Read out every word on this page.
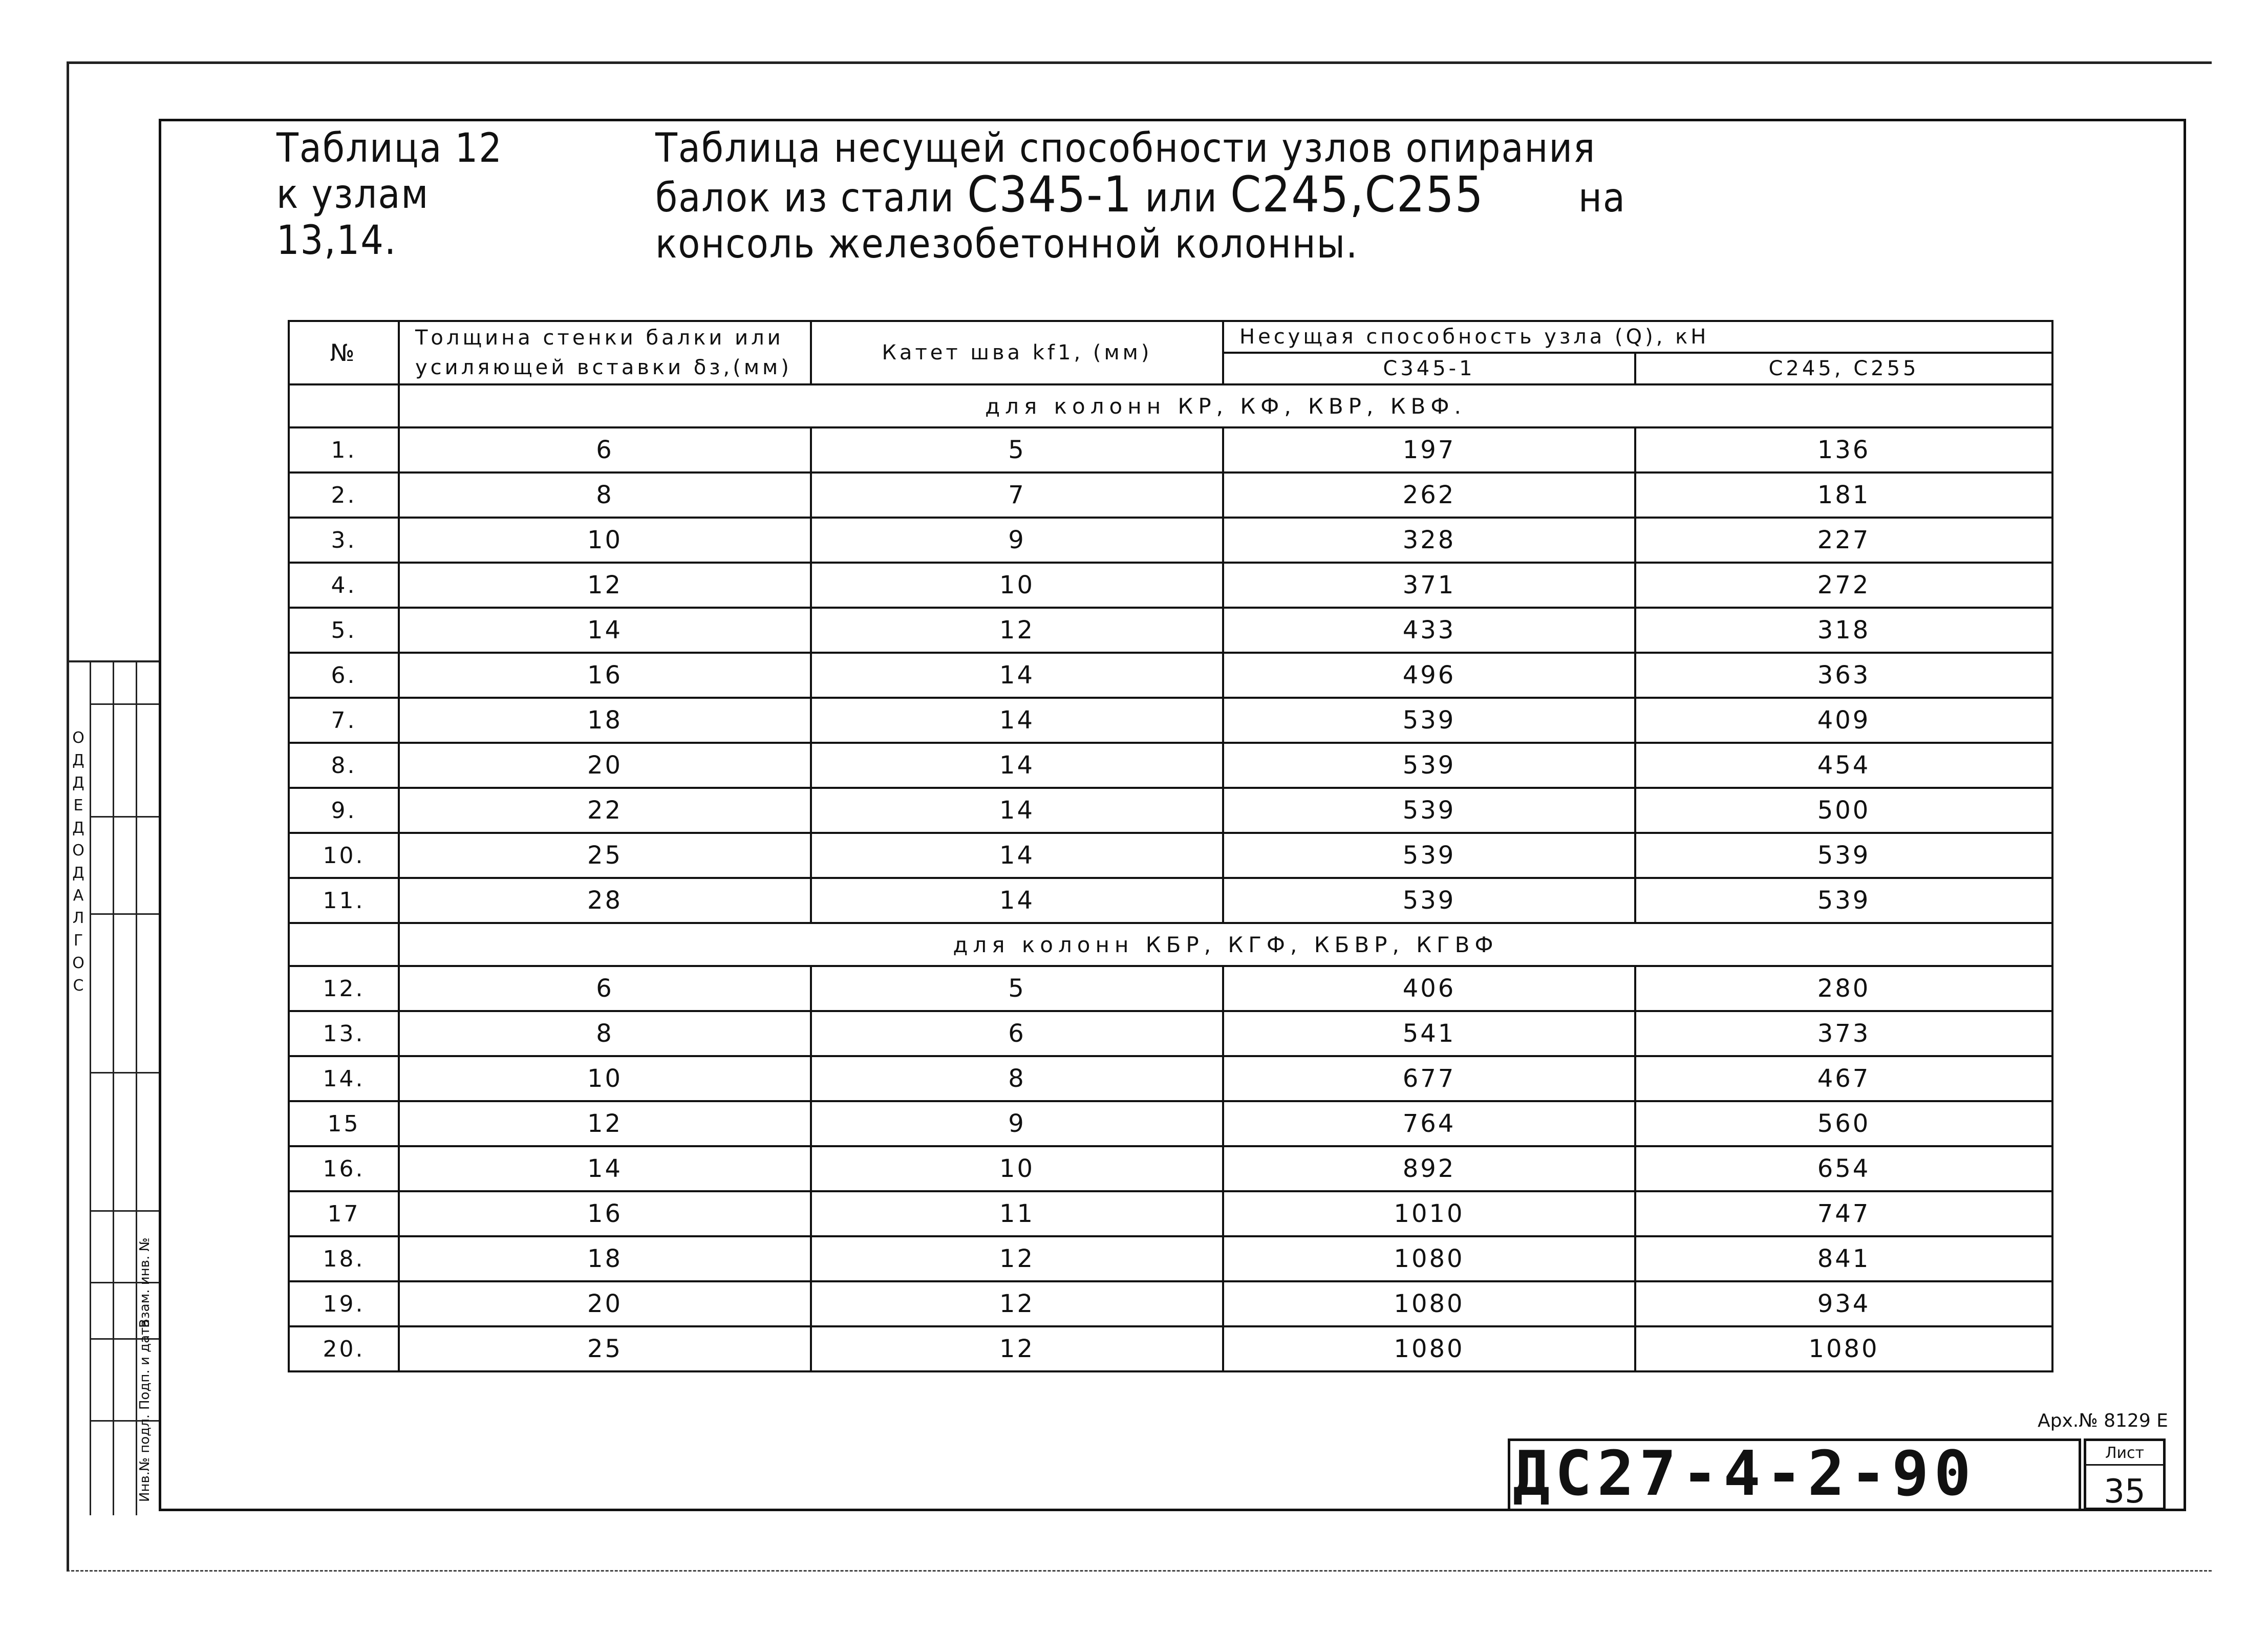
Инв.№ подл.
Подп. и дата
Взам. инв. №
О
Д
Д
Е
Д
О
Д
А
Л
Г
О
С
Таблица 12
к узлам
13,14.
Таблица несущей способности узлов опирания
балок из стали С345-1 или С245,С255 на
консоль железобетонной колонны.
№	Толщина стенки балки или усиляющей вставки δз,(мм)	Катет шва kf1, (мм)	Несущая способность узла (Q), кН	
			С345-1	С245, С255
	для колонн КР, КФ, КВР, КВФ.			
1.	6	5	197	136
2.	8	7	262	181
3.	10	9	328	227
4.	12	10	371	272
5.	14	12	433	318
6.	16	14	496	363
7.	18	14	539	409
8.	20	14	539	454
9.	22	14	539	500
10.	25	14	539	539
11.	28	14	539	539
	для колонн КБР, КГФ, КБВР, КГВФ			
12.	6	5	406	280
13.	8	6	541	373
14.	10	8	677	467
15	12	9	764	560
16.	14	10	892	654
17	16	11	1010	747
18.	18	12	1080	841
19.	20	12	1080	934
20.	25	12	1080	1080
Арх.№ 8129 Е
ДС27-4-2-90	Лист
35
